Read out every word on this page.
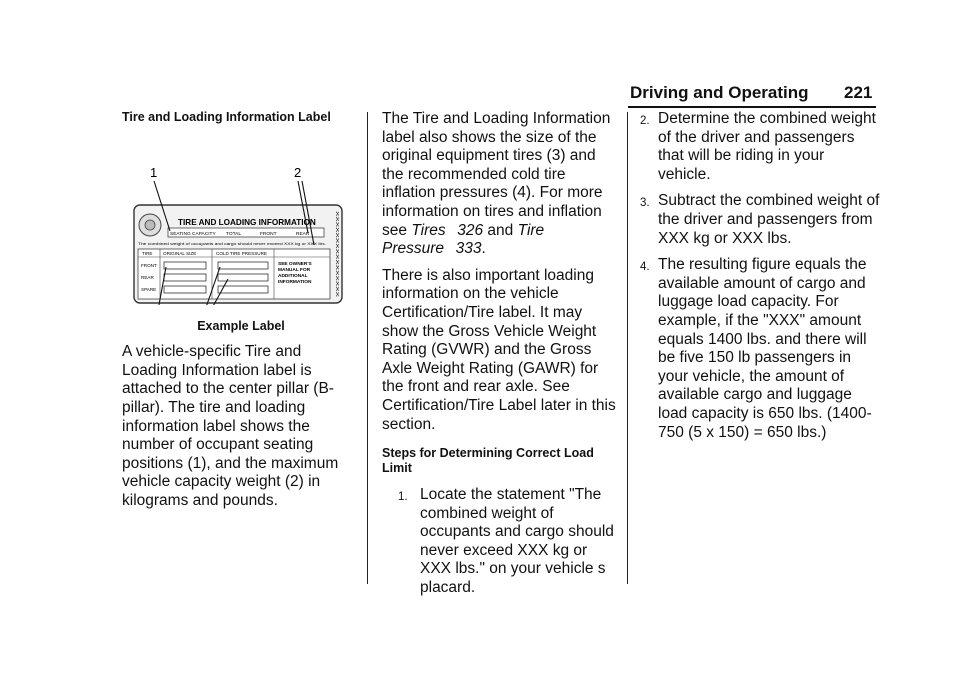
Driving and Operating 221
Tire and Loading Information Label
1	2
TIRE AND LOADING INFORMATION
SEATING CAPACITY TOTAL	FRONT	REAR
The combined weight of occupants and cargo should never exceed XXX kg or XXX lbs.
TIRE ORIGINAL SIZE	COLD TIRE PRESSURE
FRONT
REAR
SPARE
SEE OWNER'S
MANUAL FOR
ADDITIONAL
INFORMATION
XXXXXXXXXXXXXXXX
Example Label

A vehicle-specific Tire and Loading Information label is attached to the center pillar (B-pillar). The tire and loading information label shows the number of occupant seating positions (1), and the maximum vehicle capacity weight (2) in kilograms and pounds.

The Tire and Loading Information label also shows the size of the original equipment tires (3) and the recommended cold tire inflation pressures (4). For more information on tires and inflation see Tires 326 and Tire Pressure 333.

There is also important loading information on the vehicle Certification/Tire label. It may show the Gross Vehicle Weight Rating (GVWR) and the Gross Axle Weight Rating (GAWR) for the front and rear axle. See Certification/Tire Label later in this section.

Steps for Determining Correct Load Limit
1. Locate the statement "The combined weight of occupants and cargo should never exceed XXX kg or XXX lbs." on your vehicle s placard.
2. Determine the combined weight of the driver and passengers that will be riding in your vehicle.
3. Subtract the combined weight of the driver and passengers from XXX kg or XXX lbs.
4. The resulting figure equals the available amount of cargo and luggage load capacity. For example, if the "XXX" amount equals 1400 lbs. and there will be five 150 lb passengers in your vehicle, the amount of available cargo and luggage load capacity is 650 lbs. (1400-750 (5 x 150) = 650 lbs.)
